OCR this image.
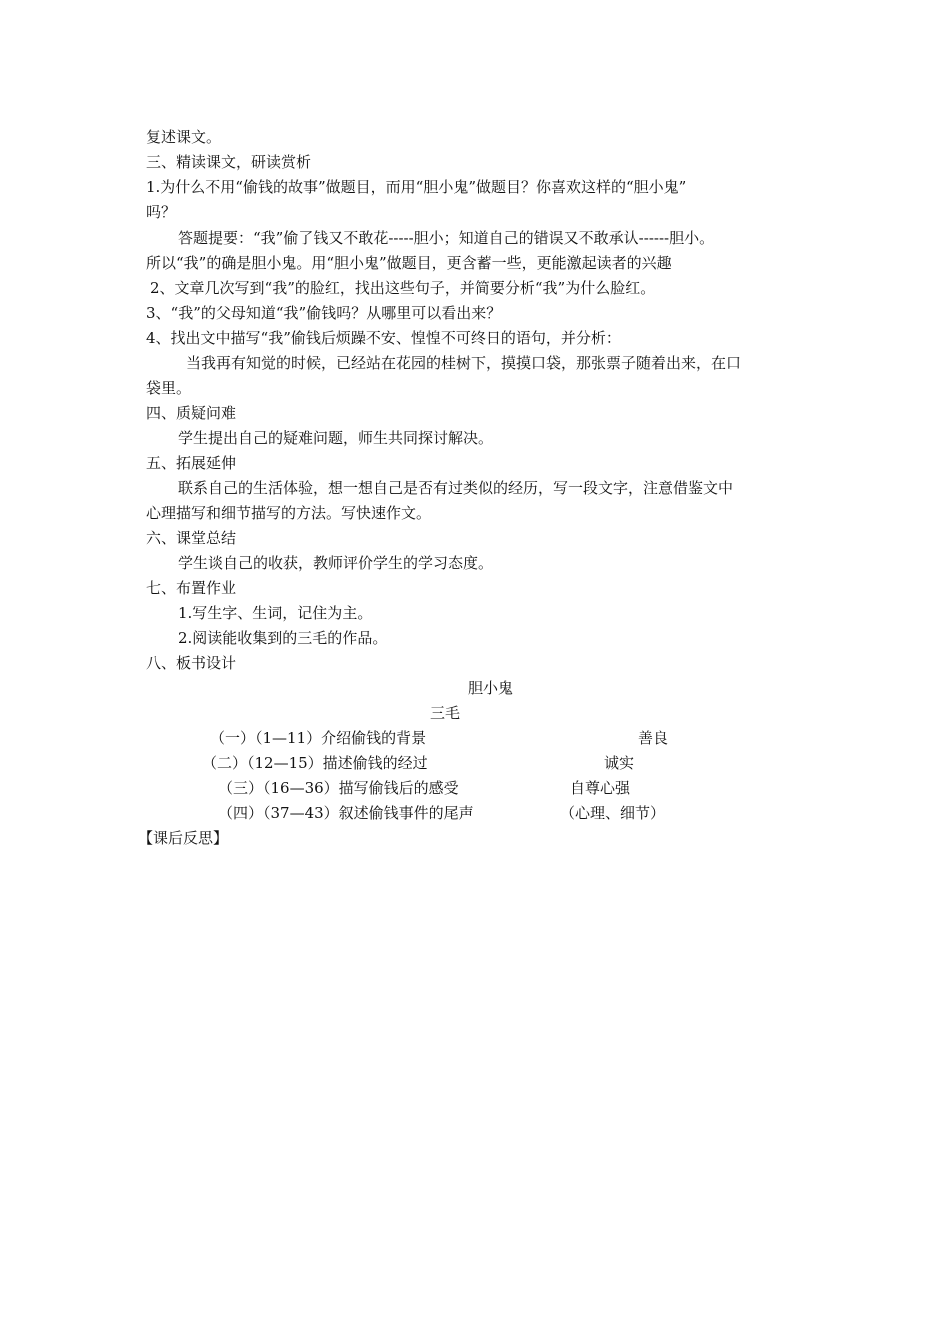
复述课文。
三、精读课文，研读赏析
1.为什么不用“偷钱的故事”做题目，而用“胆小鬼”做题目？你喜欢这样的“胆小鬼”
吗？
答题提要：“我”偷了钱又不敢花-----胆小；知道自己的错误又不敢承认------胆小。
所以“我”的确是胆小鬼。用“胆小鬼”做题目，更含蓄一些，更能激起读者的兴趣
2、文章几次写到“我”的脸红，找出这些句子，并简要分析“我”为什么脸红。
3、“我”的父母知道“我”偷钱吗？从哪里可以看出来？
4、找出文中描写“我”偷钱后烦躁不安、惶惶不可终日的语句，并分析：
当我再有知觉的时候，已经站在花园的桂树下，摸摸口袋，那张票子随着出来，在口
袋里。
四、质疑问难
学生提出自己的疑难问题，师生共同探讨解决。
五、拓展延伸
联系自己的生活体验，想一想自己是否有过类似的经历，写一段文字，注意借鉴文中
心理描写和细节描写的方法。写快速作文。
六、课堂总结
学生谈自己的收获，教师评价学生的学习态度。
七、布置作业
1.写生字、生词，记住为主。
2.阅读能收集到的三毛的作品。
八、板书设计
胆小鬼
三毛
（一）（1—11）介绍偷钱的背景	善良
（二）（12—15）描述偷钱的经过	诚实
（三）（16—36）描写偷钱后的感受	自尊心强
（四）（37—43）叙述偷钱事件的尾声	（心理、细节）
【课后反思】
